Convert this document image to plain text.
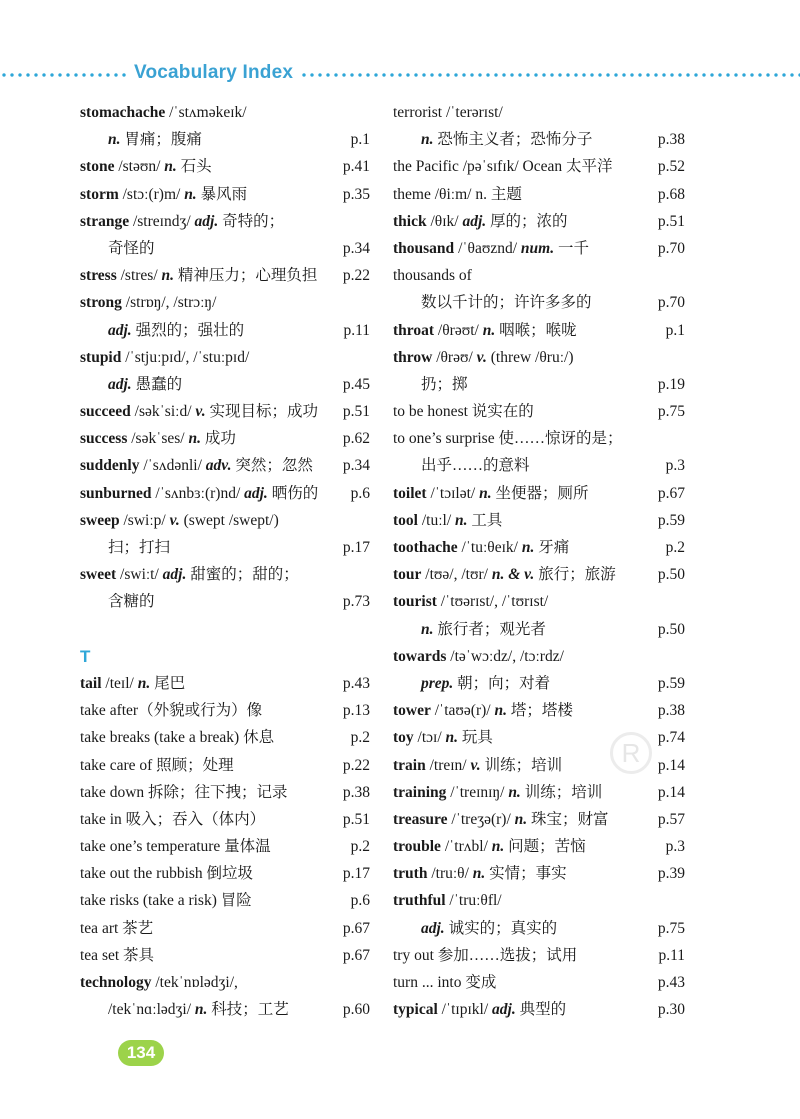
Vocabulary Index
stomachache /ˈstʌməkeɪk/
n. 胃痛；腹痛	p.1
stone /stəʊn/ n. 石头	p.41
storm /stɔː(r)m/ n. 暴风雨	p.35
strange /streɪndʒ/ adj. 奇特的；
奇怪的	p.34
stress /stres/ n. 精神压力；心理负担 p.22
strong /strɒŋ/, /strɔːŋ/
adj. 强烈的；强壮的	p.11
stupid /ˈstjuːpɪd/, /ˈstuːpɪd/
adj. 愚蠢的	p.45
succeed /səkˈsiːd/ v. 实现目标；成功 p.51
success /səkˈses/ n. 成功	p.62
suddenly /ˈsʌdənli/ adv. 突然；忽然 p.34
sunburned /ˈsʌnbɜː(r)nd/ adj. 晒伤的 p.6
sweep /swiːp/ v. (swept /swept/)
扫；打扫	p.17
sweet /swiːt/ adj. 甜蜜的；甜的；
含糖的	p.73
T
tail /teɪl/ n. 尾巴	p.43
take after（外貌或行为）像	p.13
take breaks (take a break) 休息	p.2
take care of 照顾；处理	p.22
take down 拆除；往下拽；记录	p.38
take in 吸入；吞入（体内）	p.51
take one’s temperature 量体温	p.2
take out the rubbish 倒垃圾	p.17
take risks (take a risk) 冒险	p.6
tea art 茶艺	p.67
tea set 茶具	p.67
technology /tekˈnɒlədʒi/,
/tekˈnɑːlədʒi/ n. 科技；工艺	p.60
terrorist /ˈterərɪst/
n. 恐怖主义者；恐怖分子	p.38
the Pacific /pəˈsɪfɪk/ Ocean 太平洋	p.52
theme /θiːm/ n. 主题	p.68
thick /θɪk/ adj. 厚的；浓的	p.51
thousand /ˈθaʊznd/ num. 一千	p.70
thousands of
数以千计的；许许多多的	p.70
throat /θrəʊt/ n. 咽喉；喉咙	p.1
throw /θrəʊ/ v. (threw /θruː/)
扔；掷	p.19
to be honest 说实在的	p.75
to one’s surprise 使……惊讶的是；
出乎……的意料	p.3
toilet /ˈtɔɪlət/ n. 坐便器；厕所	p.67
tool /tuːl/ n. 工具	p.59
toothache /ˈtuːθeɪk/ n. 牙痛	p.2
tour /tʊə/, /tʊr/ n. & v. 旅行；旅游	p.50
tourist /ˈtʊərɪst/, /ˈtʊrɪst/
n. 旅行者；观光者	p.50
towards /təˈwɔːdz/, /tɔːrdz/
prep. 朝；向；对着	p.59
tower /ˈtaʊə(r)/ n. 塔；塔楼	p.38
toy /tɔɪ/ n. 玩具	p.74
train /treɪn/ v. 训练；培训	p.14
training /ˈtreɪnɪŋ/ n. 训练；培训	p.14
treasure /ˈtreʒə(r)/ n. 珠宝；财富	p.57
trouble /ˈtrʌbl/ n. 问题；苦恼	p.3
truth /truːθ/ n. 实情；事实	p.39
truthful /ˈtruːθfl/
adj. 诚实的；真实的	p.75
try out 参加……选拔；试用	p.11
turn ... into 变成	p.43
typical /ˈtɪpɪkl/ adj. 典型的	p.30
R
134
